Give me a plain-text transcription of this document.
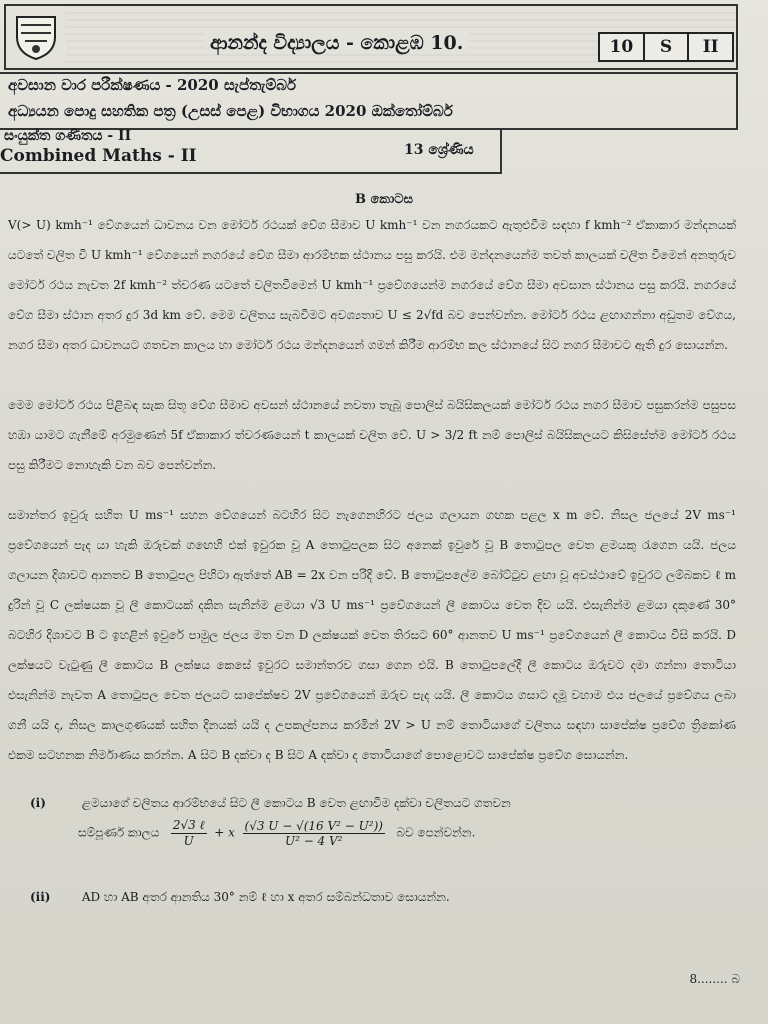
ආනන්ද විද්‍යාලය - කොළඹ 10.	10	S	II
අවසාන වාර පරීක්ෂණය - 2020 සැප්තැම්බර්
අධ්‍යයන පොදු සහතික පත්‍ර (උසස් පෙළ) විභාගය 2020 ඔක්තෝම්බර්
සංයුක්ත ගණිතය - II
Combined Maths - II	13 ශ්‍රේණිය
B කොටස

V(> U) kmh⁻¹ වේගයෙන් ධාවනය වන මෝටර් රථයක් වේග සීමාව U kmh⁻¹ වන නගරයකට ඇතුළුවීම සඳහා f kmh⁻² ඒකාකාර මන්දනයක් යටතේ චලිත වී U kmh⁻¹ වේගයෙන් නගරයේ වේග සීමා ආරම්භක ස්ථානය පසු කරයි. එම මන්දනයෙන්ම තවත් කාලයක් චලිත වීමෙන් අනතුරුව මෝටර් රථය නැවත 2f kmh⁻² ත්වරණ යටතේ චලිතවීමෙන් U kmh⁻¹ ප්‍රවේගයෙන්ම නගරයේ වේග සීමා අවසාන ස්ථානය පසු කරයි. නගරයේ වේග සීමා ස්ථාන අතර දුර 3d km වේ. මෙම චලිතය සැබවීමට අවශ්‍යතාව U ≤ 2√fd බව පෙන්වන්න. මෝටර් රථය ළඟාගන්නා අඩුතම වේගය, නගර සීමා අතර ධාවනයට ගතවන කාලය හා මෝටර් රථය මන්දනයෙන් ගමන් කිරීම ආරම්භ කල ස්ථානයේ සිට නගර සීමාවට ඇති දුර සොයන්න.

මෙම මෝටර් රථය පිළිබඳ සැක සිතූ වේග සීමාව අවසන් ස්ථානයේ නවතා තැබූ පොලිස් බයිසිකලයක් මෝටර් රථය නගර සීමාව පසුකරන්ම පසුපස හඹා යාමට ගැනීමේ අරමුණෙන් 5f ඒකාකාර ත්වරණයෙන් t කාලයක් චලිත වේ. U > 3/2 ft නම් පොලිස් බයිසිකලයට කිසිසේත්ම මෝටර් රථය පසු කිරීමට නොහැකි වන බව පෙන්වන්න.

සමාන්තර ඉවුරු සහිත U ms⁻¹ සහන වේගයෙන් බටහිර සිට නැගෙනහිරට ජලය ගලායන ගඟක පළල x m වේ. නිසල ජලයේ 2V ms⁻¹ ප්‍රවේගයෙන් පැද යා හැකි ඔරුවක් ගඟෙහි එක් ඉවුරක වූ A තොටුපලක සිට අනෙක් ඉවුරේ වූ B තොටුපල වෙත ළමයකු රැගෙන යයි. ජලය ගලායන දිශාවට ආනතව B තොටුපල පිහිටා ඇත්තේ AB = 2x වන පරිදි වේ. B තොටුපලේම බෝට්ටුව ළඟා වූ අවස්ථාවේ ඉවුරට ලම්බකව ℓ m දුරින් වූ C ලක්ෂයක වූ ලී කොටයක් දකින සැනින්ම ළමයා √3 U ms⁻¹ ප්‍රවේගයෙන් ලී කොටය වෙත දිව යයි. එසැනින්ම ළමයා දකුණේ 30° බටහිර දිශාවට B ට ඉහළින් ඉවුරේ පාමුල ජලය මත වන D ලක්ෂයක් වෙත තිරසට 60° ආනතව U ms⁻¹ ප්‍රවේගයෙන් ලී කොටය විසි කරයි. D ලක්ෂයට වැටුණු ලී කොටය B ලක්ෂය කෙසේ ඉවුරට සමාන්තරව ගසා ගෙන එයි. B තොටුපලේදී ලී කොටය ඔරුවට දමා ගන්නා තොටියා එසැනින්ම නැවත A තොටුපල වෙත ජලයට සාපේක්ෂව 2V ප්‍රවේගයෙන් ඔරුව පැද යයි. ලී කොටය ගසාට දමූ වහාම එය ජලයේ ප්‍රවේගය ලබා ගනී යයි ද, නිසල කාලගුණයක් සහිත දිනයක් යයි ද උපකල්පනය කරමින් 2V > U නම් තොටියාගේ චලිතය සඳහා සාපේක්ෂ ප්‍රවේග ත්‍රිකෝණ එකම සටහනක නිර්මාණය කරන්න. A සිට B දක්වා ද B සිට A දක්වා ද තොටියාගේ පොළොවට සාපේක්ෂ ප්‍රවේග සොයන්න.

(i)	ළමයාගේ චලිතය ආරම්භයේ සිට ලී කොටය B වෙත ළඟාවීම දක්වා චලිතයට ගතවන
සම්පූර්ණ කාලය $\frac{\text{2√3 ℓ}}{U} + x \frac{\text{(√3 U − √(16 V² − U²))}}{\text{U² − 4 V²}}$ බව පෙන්වන්න.
(ii)	AD හා AB අතර ආනතිය 30° නම් ℓ හා x අතර සම්බන්ධතාව සොයන්න.
8........ බ
